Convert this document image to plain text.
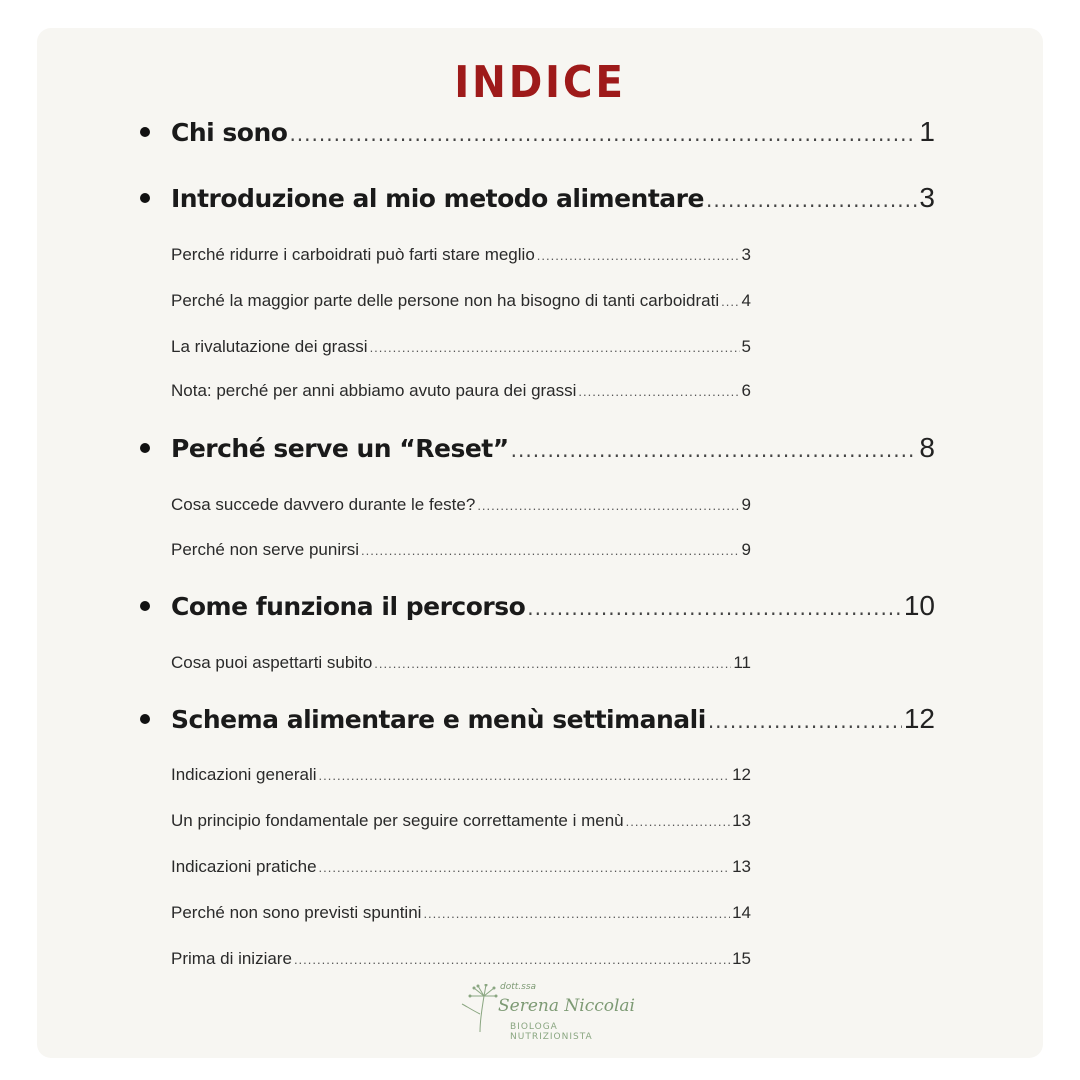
INDICE
Chi sono .....	1
Introduzione al mio metodo alimentare .....	3
Perché ridurre i carboidrati può farti stare meglio .....	3
Perché la maggior parte delle persone non ha bisogno di tanti carboidrati ..... 4
La rivalutazione dei grassi .....	5
Nota: perché per anni abbiamo avuto paura dei grassi .....	6
Perché serve un “Reset” .....	8
Cosa succede davvero durante le feste? .....	9
Perché non serve punirsi .....	9
Come funziona il percorso .....	10
Cosa puoi aspettarti subito .....	11
Schema alimentare e menù settimanali .....	12
Indicazioni generali .....	12
Un principio fondamentale per seguire correttamente i menù .....	13
Indicazioni pratiche .....	13
Perché non sono previsti spuntini .....	14
Prima di iniziare .....	15
dott.ssa
Serena Niccolai
BIOLOGA NUTRIZIONISTA
